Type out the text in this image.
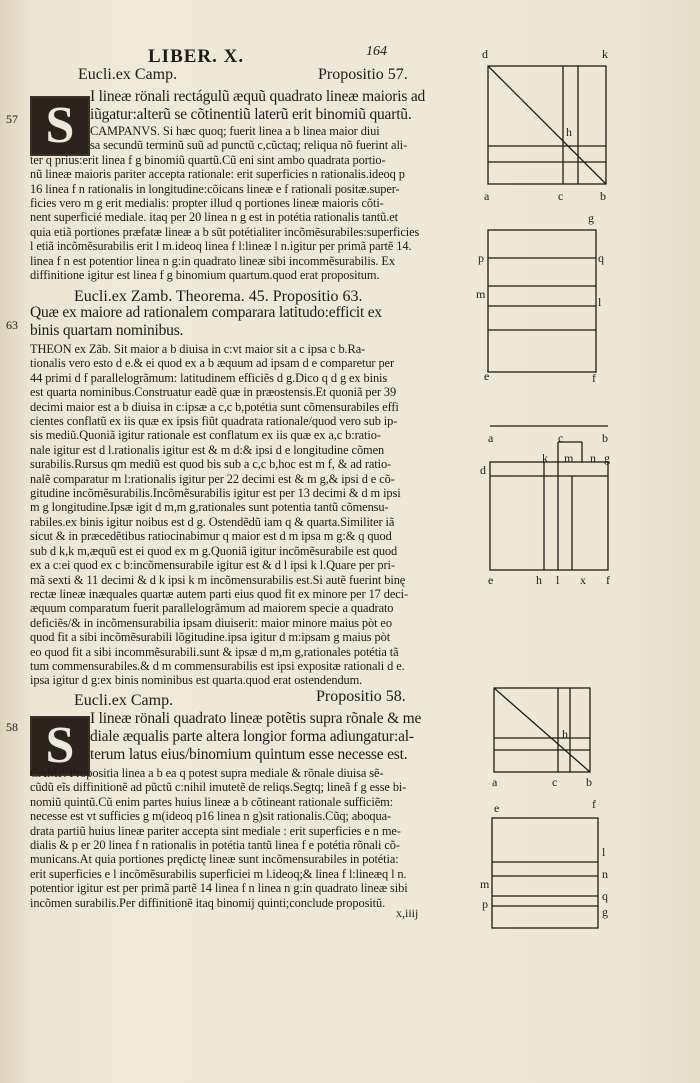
LIBER. X.	164
Eucli.ex Camp.	Propositio 57.
57 S
I lineæ rönali rectágulũ æquũ quadrato lineæ maioris ad
iũgatur:alterũ se cõtinentiũ laterũ erit binomiũ quartũ.
CAMPANVS. Si hæc quoq; fuerit linea a b linea maior diui
sa secundũ terminũ suũ ad punctũ c,cũctaq; reliqua nõ fuerint ali-
ter q prius:erit linea f g binomiũ quartũ.Cũ eni sint ambo quadrata portio-
nũ lineæ maioris pariter accepta rationale: erit superficies n rationalis.ideoq p
16 linea f n rationalis in longitudine:cõicans lineæ e f rationali positæ.super-
ficies vero m g erit medialis: propter illud q portiones lineæ maioris cõti-
nent superficié mediale. itaq per 20 linea n g est in potétia rationalis tantũ.et
quia etiã portiones præfatæ lineæ a b sũt potétialiter incõmẽsurabiles:superficies
l etiã incõmẽsurabilis erit l m.ideoq linea f l:lineæ l n.igitur per primã partẽ 14.
linea f n est potentior linea n g:in quadrato lineæ sibi incommẽsurabilis. Ex
diffinitione igitur est linea f g binomium quartum.quod erat propositum.
Eucli.ex Zamb. Theorema. 45. Propositio 63.
63
Quæ ex maiore ad rationalem comparara latitudo:efficit ex
binis quartam nominibus.
THEON ex Zãb. Sit maior a b diuisa in c:vt maior sit a c ipsa c b.Ra-
tionalis vero esto d e.& ei quod ex a b æquum ad ipsam d e comparetur per
44 primi d f parallelogrãmum: latitudinem efficiẽs d g.Dico q d g ex binis
est quarta nominibus.Construatur eadẽ quæ in præostensis.Et quoniã per 39
decimi maior est a b diuisa in c:ipsæ a c,c b,potétia sunt cõmensurabiles effi
cientes conflatũ ex iis quæ ex ipsis fiũt quadrata rationale/quod vero sub ip-
sis mediũ.Quoniã igitur rationale est conflatum ex iis quæ ex a,c b:ratio-
nale igitur est d l.rationalis igitur est & m d:& ipsi d e longitudine cõmen
surabilis.Rursus qm mediũ est quod bis sub a c,c b,hoc est m f, & ad ratio-
nalẽ comparatur m l:rationalis igitur per 22 decimi est & m g,& ipsi d e cõ-
gitudine incõmẽsurabilis.Incõmẽsurabilis igitur est per 13 decimi & d m ipsi
m g longitudine.Ipsæ igit d m,m g,rationales sunt potentia tantũ cõmensu-
rabiles.ex binis igitur noibus est d g. Ostendẽdũ iam q & quarta.Similiter iã
sicut & in præcedẽtibus ratiocinabimur q maior est d m ipsa m g:& q quod
sub d k,k m,æquũ est ei quod ex m g.Quoniã igitur incõmẽsurabile est quod
ex a c:ei quod ex c b:incõmensurabile igitur est & d l ipsi k l.Quare per pri-
mã sexti & 11 decimi & d k ipsi k m incõmensurabilis est.Si autẽ fuerint binę
rectæ lineæ inæquales quartæ autem parti eius quod fit ex minore per 17 deci-
æquum comparatum fuerit parallelogrãmum ad maiorem specie a quadrato
deficiẽs/& in incõmensurabilia ipsam diuiserit: maior minore maius pòt eo
quod fit a sibi incõmẽsurabili lõgitudine.ipsa igitur d m:ipsam g maius pòt
eo quod fit a sibi incommẽsurabili.sunt & ipsæ d m,m g,rationales potétia tã
tum commensurabiles.& d m commensurabilis est ipsi expositæ rationali d e.
ipsa igitur d g:ex binis nominibus est quarta.quod erat ostendendum.
Eucli.ex Camp.	Propositio 58.
58 S	I lineæ rönali quadrato lineæ potẽtis supra rõnale & me
diale æqualis parte altera longior forma adiungatur:al-
terum latus eius/binomium quintum esse necesse est.
CAMP. Propositia linea a b ea q potest supra mediale & rõnale diuisa sẽ-
cũdũ eĩs diffinitionẽ ad pũctũ c:nihil imutetẽ de reliqs.Segtq; lineã f g esse bi-
nomiũ quintũ.Cũ enim partes huius lineæ a b cõtineant rationale sufficiẽm:
necesse est vt sufficies g m(ideoq p16 linea n g)sit rationalis.Cũq; aboqua-
drata partiũ huius lineæ pariter accepta sint mediale : erit superficies e n me-
dialis & p er 20 linea f n rationalis in potétia tantũ linea f e potétia rõnali cõ-
municans.At quia portiones prędictę lineæ sunt incõmensurabiles in potétia:
erit superficies e l incõmẽsurabilis superficiei m l.ideoq;& linea f l:lineæq l n.
potentior igitur est per primã partẽ 14 linea f n linea n g:in quadrato lineæ sibi
incõmen surabilis.Per diffinitionẽ itaq binomij quinti;conclude propositũ.
x,iiij
d	k
h
a	c	b
g
p	q
m
l
e	f
a	c	b
d
k m n g
e	h l x f
h
a	c b
e	f
l
n
m
p
q
g
